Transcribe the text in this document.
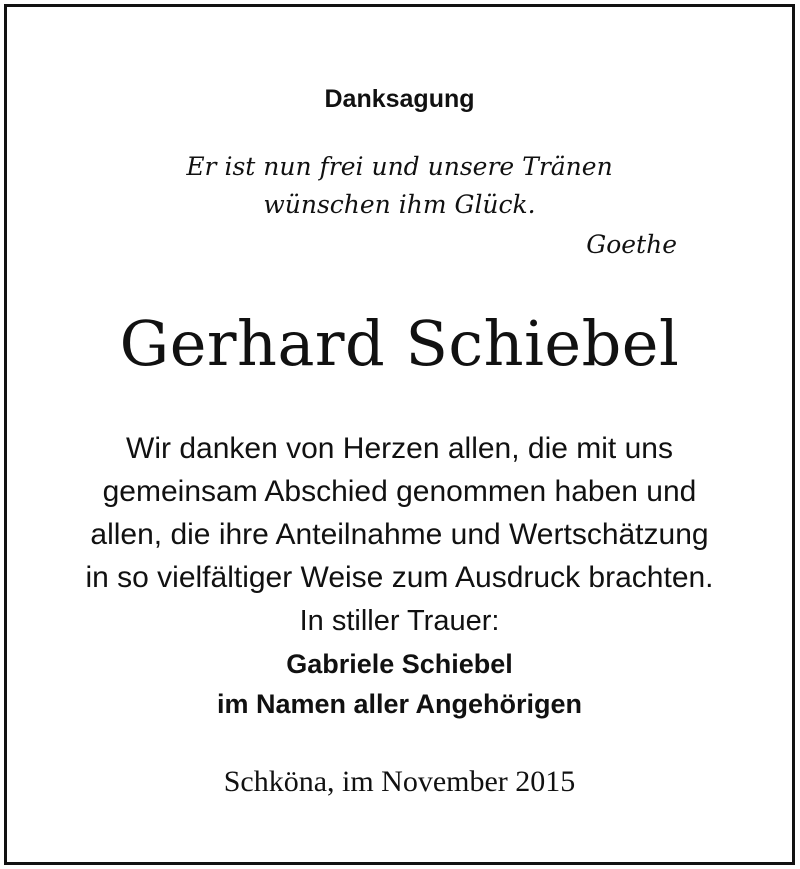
Danksagung
Er ist nun frei und unsere Tränen
wünschen ihm Glück.
Goethe
Gerhard Schiebel
Wir danken von Herzen allen, die mit uns
gemeinsam Abschied genommen haben und
allen, die ihre Anteilnahme und Wertschätzung
in so vielfältiger Weise zum Ausdruck brachten.
In stiller Trauer:
Gabriele Schiebel
im Namen aller Angehörigen
Schköna, im November 2015
